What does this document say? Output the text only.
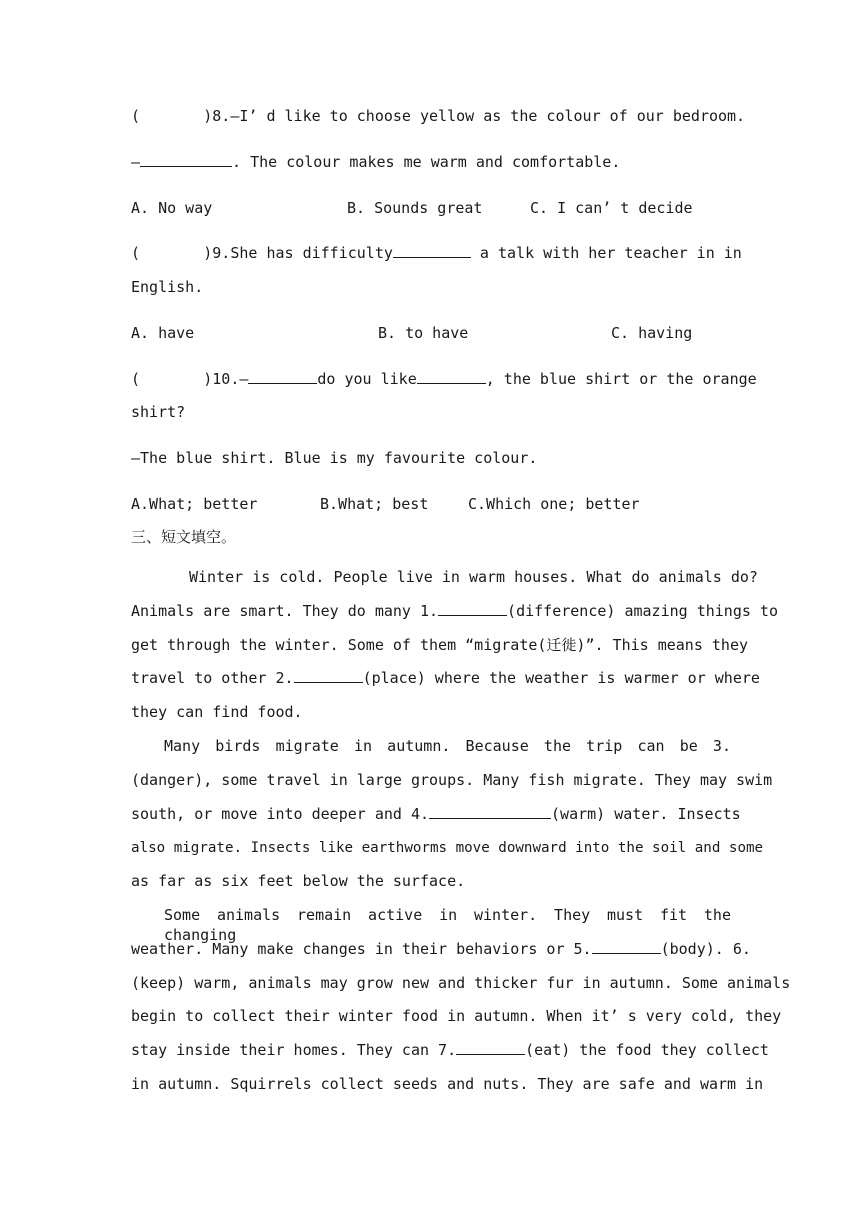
(       )8.—I’ d like to choose yellow as the colour of our bedroom.
—	. The colour makes me warm and comfortable.
A. No way	B. Sounds great	C. I can’ t decide
(       )9.She has difficulty	a talk with her teacher in in
English.
A. have	B. to have	C. having
(       )10.—	do you like	, the blue shirt or the orange
shirt?
—The blue shirt. Blue is my favourite colour.
A.What; better	B.What; best	C.Which one; better
三、短文填空。
Winter is cold. People live in warm houses. What do animals do?
Animals are smart. They do many 1.	(difference) amazing things to
get through the winter. Some of them “migrate(迁徙)”. This means they
travel to other 2.	(place) where the weather is warmer or where
they can find food.
Many birds migrate in autumn. Because the trip can be 3.
(danger), some travel in large groups. Many fish migrate. They may swim
south, or move into deeper and 4.	(warm) water. Insects
also migrate. Insects like earthworms move downward into the soil and some
as far as six feet below the surface.
Some animals remain active in winter. They must fit the changing
weather. Many make changes in their behaviors or 5.	(body). 6.
(keep) warm, animals may grow new and thicker fur in autumn. Some animals
begin to collect their winter food in autumn. When it’ s very cold, they
stay inside their homes. They can 7.	(eat) the food they collect
in autumn. Squirrels collect seeds and nuts. They are safe and warm in
